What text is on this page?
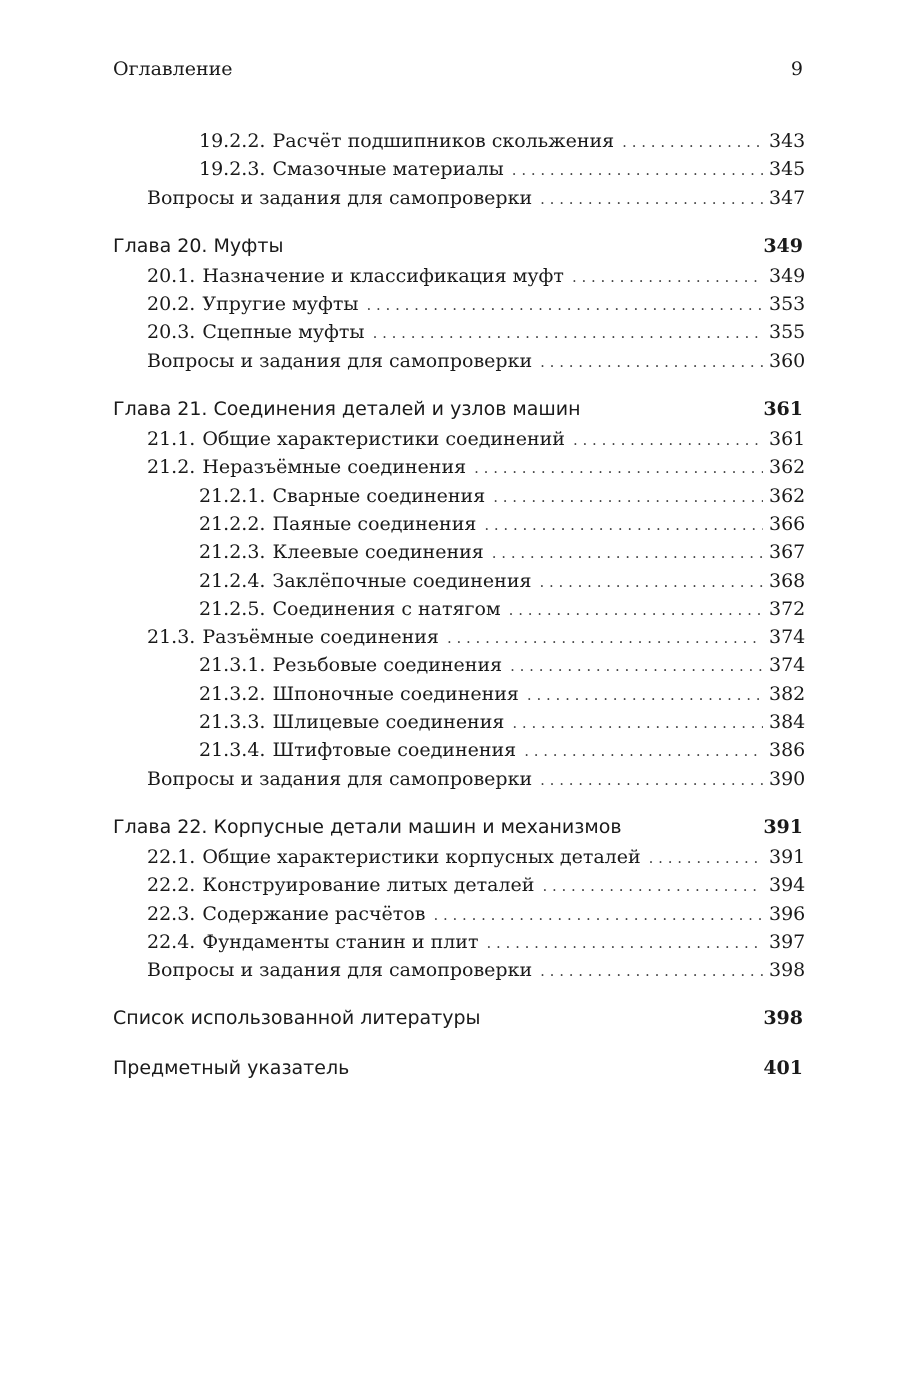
Оглавление	9
19.2.2. Расчёт подшипников скольжения . . .	343
19.2.3. Смазочные материалы . . .	345
Вопросы и задания для самопроверки . . .	347
Глава 20. Муфты	349
20.1. Назначение и классификация муфт . . .	349
20.2. Упругие муфты . . .	353
20.3. Сцепные муфты . . .	355
Вопросы и задания для самопроверки . . .	360
Глава 21. Соединения деталей и узлов машин	361
21.1. Общие характеристики соединений . . .	361
21.2. Неразъёмные соединения . . .	362
21.2.1. Сварные соединения . . .	362
21.2.2. Паяные соединения . . .	366
21.2.3. Клеевые соединения . . .	367
21.2.4. Заклёпочные соединения . . .	368
21.2.5. Соединения с натягом . . .	372
21.3. Разъёмные соединения . . .	374
21.3.1. Резьбовые соединения . . .	374
21.3.2. Шпоночные соединения . . .	382
21.3.3. Шлицевые соединения . . .	384
21.3.4. Штифтовые соединения . . .	386
Вопросы и задания для самопроверки . . .	390
Глава 22. Корпусные детали машин и механизмов	391
22.1. Общие характеристики корпусных деталей . . .	391
22.2. Конструирование литых деталей . . .	394
22.3. Содержание расчётов . . .	396
22.4. Фундаменты станин и плит . . .	397
Вопросы и задания для самопроверки . . .	398
Список использованной литературы	398
Предметный указатель	401
